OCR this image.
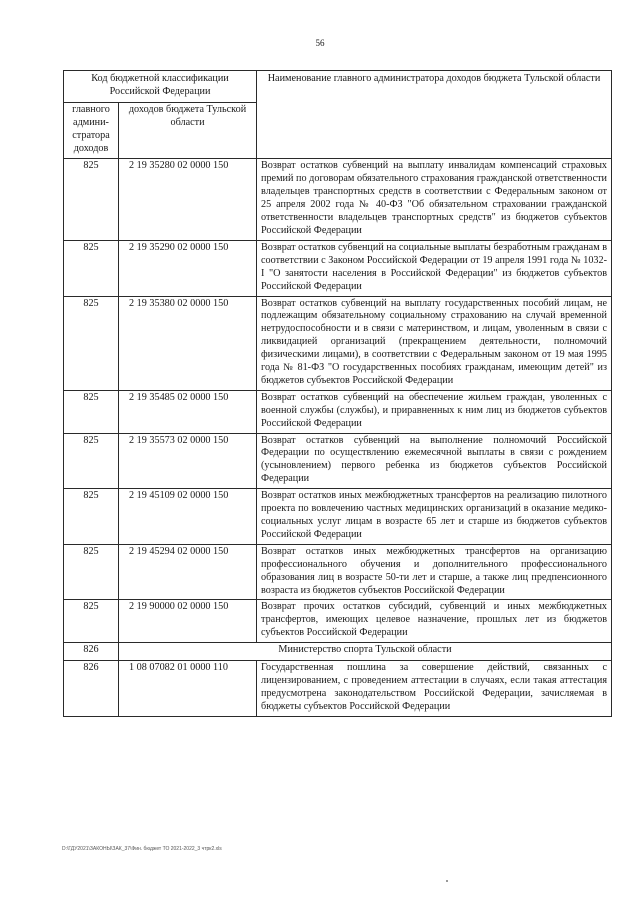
56
Код бюджетной классификации Российской Федерации		Наименование главного администратора доходов бюджета Тульской области
главного админи-стратора доходов	доходов бюджета Тульской области	
825	2 19 35280 02 0000 150	Возврат остатков субвенций на выплату инвалидам компенсаций страховых премий по договорам обязательного страхования гражданской ответственности владельцев транспортных средств в соответствии с Федеральным законом от 25 апреля 2002 года № 40-ФЗ "Об обязательном страховании гражданской ответственности владельцев транспортных средств" из бюджетов субъектов Российской Федерации
825	2 19 35290 02 0000 150	Возврат остатков субвенций на социальные выплаты безработным гражданам в соответствии с Законом Российской Федерации от 19 апреля 1991 года № 1032-I "О занятости населения в Российской Федерации" из бюджетов субъектов Российской Федерации
825	2 19 35380 02 0000 150	Возврат остатков субвенций на выплату государственных пособий лицам, не подлежащим обязательному социальному страхованию на случай временной нетрудоспособности и в связи с материнством, и лицам, уволенным в связи с ликвидацией организаций (прекращением деятельности, полномочий физическими лицами), в соответствии с Федеральным законом от 19 мая 1995 года № 81-ФЗ "О государственных пособиях гражданам, имеющим детей" из бюджетов субъектов Российской Федерации
825	2 19 35485 02 0000 150	Возврат остатков субвенций на обеспечение жильем граждан, уволенных с военной службы (службы), и приравненных к ним лиц из бюджетов субъектов Российской Федерации
825	2 19 35573 02 0000 150	Возврат остатков субвенций на выполнение полномочий Российской Федерации по осуществлению ежемесячной выплаты в связи с рождением (усыновлением) первого ребенка из бюджетов субъектов Российской Федерации
825	2 19 45109 02 0000 150	Возврат остатков иных межбюджетных трансфертов на реализацию пилотного проекта по вовлечению частных медицинских организаций в оказание медико-социальных услуг лицам в возрасте 65 лет и старше из бюджетов субъектов Российской Федерации
825	2 19 45294 02 0000 150	Возврат остатков иных межбюджетных трансфертов на организацию профессионального обучения и дополнительного профессионального образования лиц в возрасте 50-ти лет и старше, а также лиц предпенсионного возраста из бюджетов субъектов Российской Федерации
825	2 19 90000 02 0000 150	Возврат прочих остатков субсидий, субвенций и иных межбюджетных трансфертов, имеющих целевое назначение, прошлых лет из бюджетов субъектов Российской Федерации
826	Министерство спорта Тульской области	
826	1 08 07082 01 0000 110	Государственная пошлина за совершение действий, связанных с лицензированием, с проведением аттестации в случаях, если такая аттестация предусмотрена законодательством Российской Федерации, зачисляемая в бюджеты субъектов Российской Федерации
D:\ГДУ2021\ЗАКОНЫ\ЗАК_37\Фин. бюджет ТО 2021-2022_3 чтрк2.xls
